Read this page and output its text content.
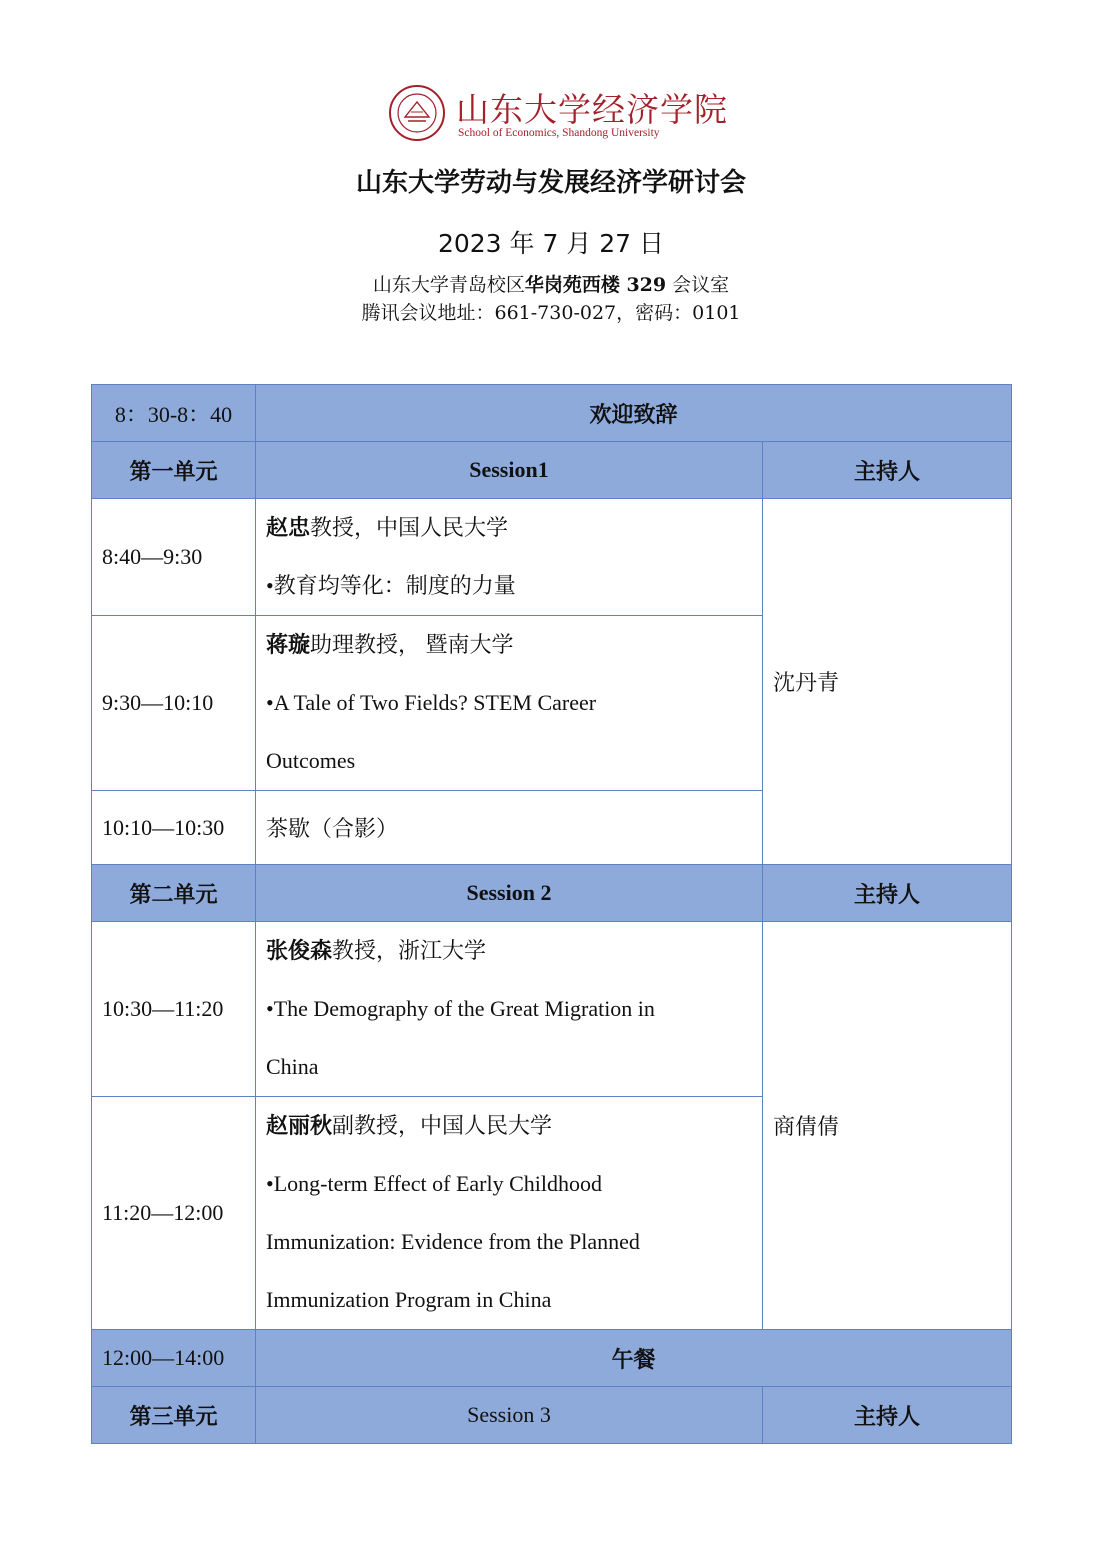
山东大学经济学院
School of Economics, Shandong University
山东大学劳动与发展经济学研讨会
2023 年 7 月 27 日
山东大学青岛校区华岗苑西楼 329 会议室
腾讯会议地址：661-730-027，密码：0101
8：30-8：40	欢迎致辞	
第一单元	Session1	主持人
8:40—9:30	赵忠教授，中国人民大学
•教育均等化：制度的力量	沈丹青
9:30—10:10	蒋璇助理教授， 暨南大学
•A Tale of Two Fields? STEM Career
Outcomes	

10:10—10:30	茶歇（合影）	
第二单元	Session 2	主持人
10:30—11:20	张俊森教授，浙江大学
•The Demography of the Great Migration in
China	商倩倩
11:20—12:00	赵丽秋副教授，中国人民大学
•Long-term Effect of Early Childhood
Immunization: Evidence from the Planned
Immunization Program in China	

12:00—14:00	午餐	
第三单元	Session 3	主持人
